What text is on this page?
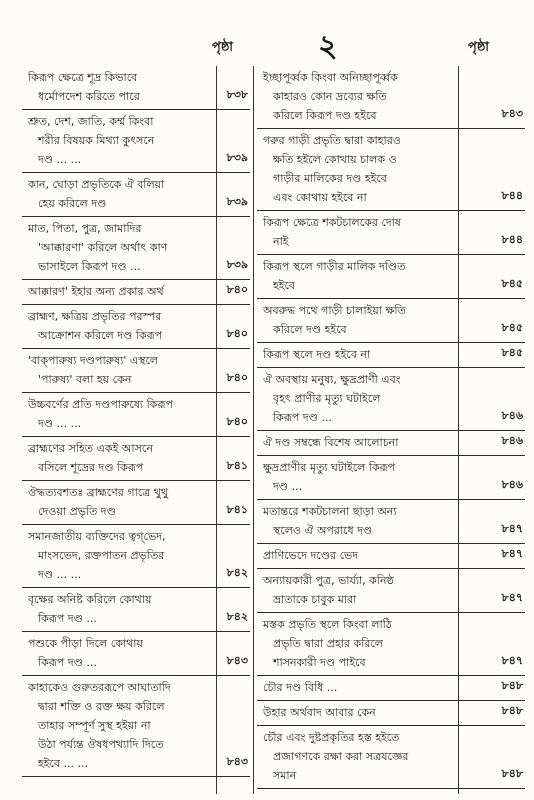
পৃষ্ঠা	২	পৃষ্ঠা
কিরূপ ক্ষেত্রে শূদ্র কিভাবে
ধর্মোপদেশ করিতে পারে	৮৩৮
শ্রুত, দেশ, জাতি, কর্ম্ম কিংবা
শরীর বিষয়ক মিথ্যা কুৎসনে
দণ্ড ... ...	৮৩৯
কান, ঘোড়া প্রভৃতিকে ঐ বলিয়া
হেয় করিলে দণ্ড	৮৩৯
মাত, পিতা, পুত্র, জামাদির
'আক্কারণা' করিলে অর্থাৎ কাণ
ভাসাইলে কিরূপ দণ্ড ...	৮৩৯
আক্কারণ' ইহার অন্য প্রকার অর্থ	৮৪০
ব্রাহ্মণ, ক্ষত্রিয় প্রভৃতির পরস্পর
আক্রোশন করিলে দণ্ড কিরূপ	৮৪০
'বাক্‌পারুষ্য দণ্ডপারুষ্য' এস্থলে
'পারুষ্য' বলা হয় কেন	৮৪০
উচ্চবর্ণের প্রতি দণ্ডপারুষ্যে কিরূপ
দণ্ড ... ...	৮৪০
ব্রাহ্মণের সহিত একই আসনে
বসিলে শূদ্রের দণ্ড কিরূপ	৮৪১
ঔদ্ধত্যবশতঃ ব্রাহ্মণের গাত্রে থুথু
দেওয়া প্রভৃতি দণ্ড	৮৪১
সমানজাতীয় ব্যক্তিদের ত্বগ্‌ভেদ,
মাংসভেদ, রক্তপাতন প্রভৃতির
দণ্ড ... ...	৮৪২
বৃক্ষের অনিষ্ট করিলে কোথায়
কিরূপ দণ্ড ...	৮৪২
পশুকে পীড়া দিলে কোথায়
কিরূপ দণ্ড ...	৮৪৩
কাহাকেও গুরুতররূপে আঘাতাদি
দ্বারা শক্তি ও রক্ত ক্ষয় করিলে
তাহার সম্পূর্ণ সুস্থ হইয়া না
উঠা পর্য্যন্ত ঔষধপথ্যাদি দিতে
হইবে ... ...	৮৪৩
ইচ্ছাপূর্ব্বক কিংবা অনিচ্ছাপূর্ব্বক
কাহারও কোন দ্রব্যের ক্ষতি
করিলে কিরূপ দণ্ড হইবে	৮৪৩
গরুর গাড়ী প্রভৃতি দ্বারা কাহারও
ক্ষতি হইলে কোথায় চালক ও
গাড়ীর মালিকের দণ্ড হইবে
এবং কোথায় হইবে না	৮৪৪
কিরূপ ক্ষেত্রে শকটচালকের দোষ
নাই	৮৪৪
কিরূপ স্থলে গাড়ীর মালিক দণ্ডিত
হইবে	৮৪৫
অবরুদ্ধ পথে গাড়ী চালাইয়া ক্ষতি
করিলে দণ্ড হইবে	৮৪৫
কিরূপ স্থলে দণ্ড হইবে না	৮৪৫
ঐ অবস্থায় মনুষ্য, ক্ষুদ্রপ্রাণী এবং
বৃহৎ প্রাণীর মৃত্যু ঘটাইলে
কিরূপ দণ্ড ...	৮৪৬
ঐ দণ্ড সম্বন্ধে বিশেষ আলোচনা	৮৪৬
ক্ষুদ্রপ্রাণীর মৃত্যু ঘটাইলে কিরূপ
দণ্ড ...	৮৪৬
মতান্তরে শকটচালনা ছাড়া অন্য
স্থলেও ঐ অপরাধে দণ্ড	৮৪৭
প্রাণিভেদে দণ্ডের ভেদ	৮৪৭
অন্যায়কারী পুত্র, ভার্য্যা, কনিষ্ঠ
ভ্রাতাকে চাবুক মারা	৮৪৭
মস্তক প্রভৃতি স্থলে কিংবা লাঠি
প্রভৃতি দ্বারা প্রহার করিলে
শাসনকারী দণ্ড পাইবে	৮৪৭
চৌর দণ্ড বিধি ...	৮৪৮
উহার অর্থবাদ আবার কেন	৮৪৮
চৌর এবং দুষ্টপ্রকৃতির হস্ত হইতে
প্রজাগণকে রক্ষা করা সত্রযজ্ঞের
সমান	৮৪৮
